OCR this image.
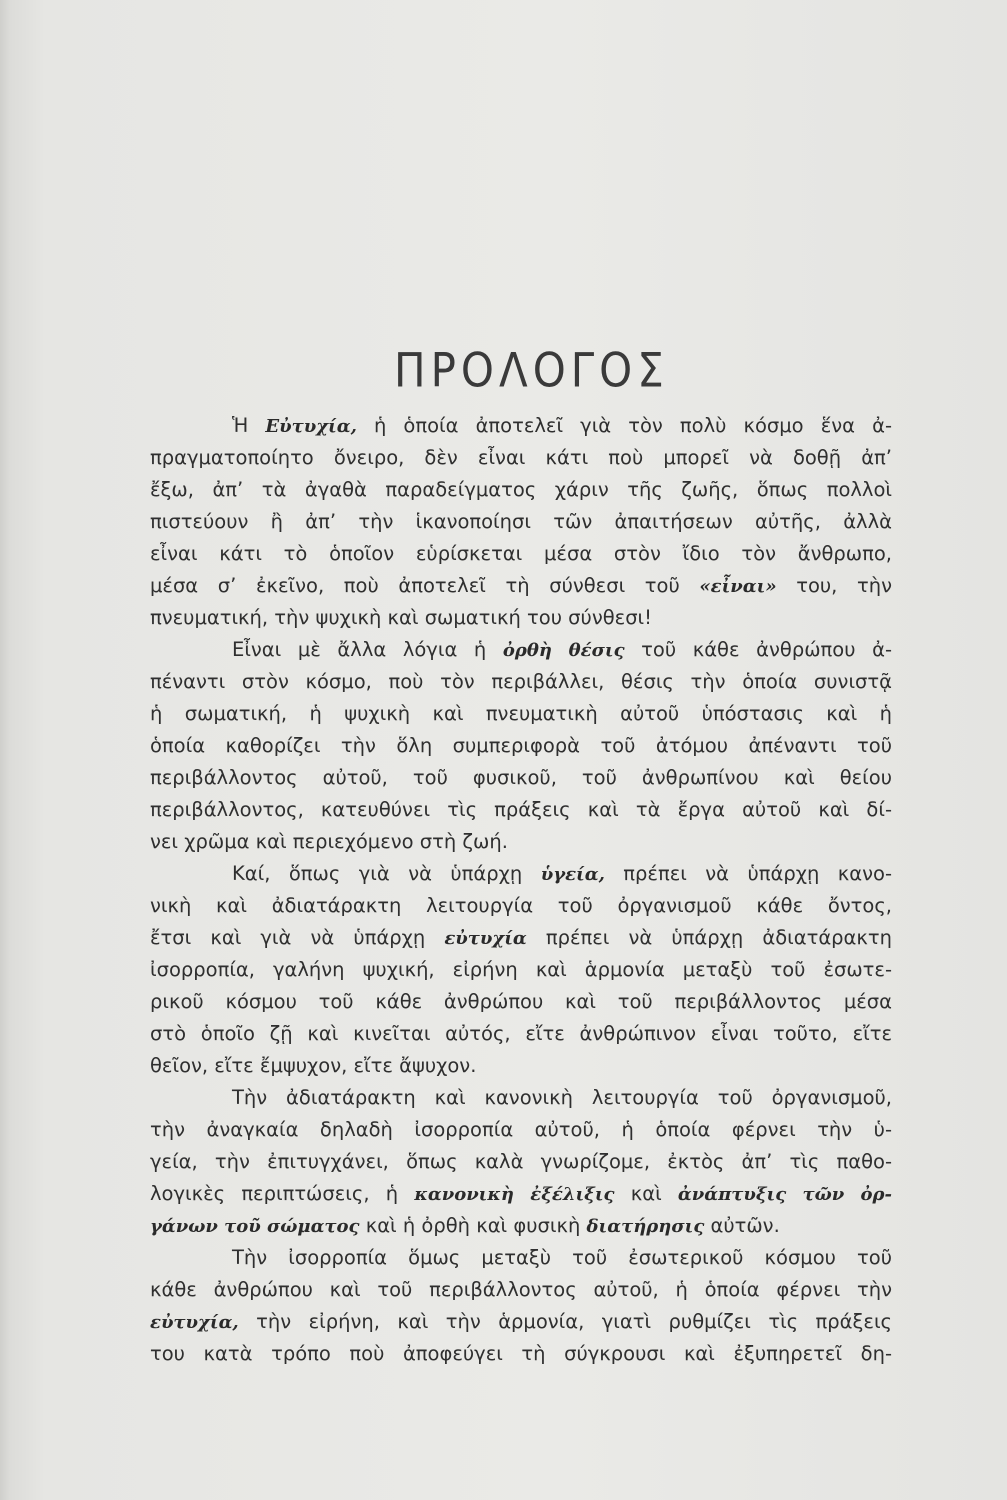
ΠΡΟΛΟΓΟΣ
Ἡ Εὐτυχία, ἡ ὁποία ἀποτελεῖ γιὰ τὸν πολὺ κόσμο ἕνα ἀ-
πραγματοποίητο ὄνειρο, δὲν εἶναι κάτι ποὺ μπορεῖ νὰ δοθῇ ἀπ’
ἔξω, ἀπ’ τὰ ἀγαθὰ παραδείγματος χάριν τῆς ζωῆς, ὅπως πολλοὶ
πιστεύουν ἢ ἀπ’ τὴν ἱκανοποίησι τῶν ἀπαιτήσεων αὐτῆς, ἀλλὰ
εἶναι κάτι τὸ ὁποῖον εὑρίσκεται μέσα στὸν ἴδιο τὸν ἄνθρωπο,
μέσα σ’ ἐκεῖνο, ποὺ ἀποτελεῖ τὴ σύνθεσι τοῦ «εἶναι» του, τὴν
πνευματική, τὴν ψυχικὴ καὶ σωματική του σύνθεσι!
Εἶναι μὲ ἄλλα λόγια ἡ ὀρθὴ θέσις τοῦ κάθε ἀνθρώπου ἀ-
πέναντι στὸν κόσμο, ποὺ τὸν περιβάλλει, θέσις τὴν ὁποία συνιστᾷ
ἡ σωματική, ἡ ψυχικὴ καὶ πνευματικὴ αὐτοῦ ὑπόστασις καὶ ἡ
ὁποία καθορίζει τὴν ὅλη συμπεριφορὰ τοῦ ἀτόμου ἀπέναντι τοῦ
περιβάλλοντος αὐτοῦ, τοῦ φυσικοῦ, τοῦ ἀνθρωπίνου καὶ θείου
περιβάλλοντος, κατευθύνει τὶς πράξεις καὶ τὰ ἔργα αὐτοῦ καὶ δί-
νει χρῶμα καὶ περιεχόμενο στὴ ζωή.
Καί, ὅπως γιὰ νὰ ὑπάρχῃ ὑγεία, πρέπει νὰ ὑπάρχῃ κανο-
νικὴ καὶ ἀδιατάρακτη λειτουργία τοῦ ὀργανισμοῦ κάθε ὄντος,
ἔτσι καὶ γιὰ νὰ ὑπάρχῃ εὐτυχία πρέπει νὰ ὑπάρχῃ ἀδιατάρακτη
ἰσορροπία, γαλήνη ψυχική, εἰρήνη καὶ ἁρμονία μεταξὺ τοῦ ἐσωτε-
ρικοῦ κόσμου τοῦ κάθε ἀνθρώπου καὶ τοῦ περιβάλλοντος μέσα
στὸ ὁποῖο ζῇ καὶ κινεῖται αὐτός, εἴτε ἀνθρώπινον εἶναι τοῦτο, εἴτε
θεῖον, εἴτε ἔμψυχον, εἴτε ἄψυχον.
Τὴν ἀδιατάρακτη καὶ κανονικὴ λειτουργία τοῦ ὀργανισμοῦ,
τὴν ἀναγκαία δηλαδὴ ἰσορροπία αὐτοῦ, ἡ ὁποία φέρνει τὴν ὑ-
γεία, τὴν ἐπιτυγχάνει, ὅπως καλὰ γνωρίζομε, ἐκτὸς ἀπ’ τὶς παθο-
λογικὲς περιπτώσεις, ἡ κανονικὴ ἐξέλιξις καὶ ἀνάπτυξις τῶν ὀρ-
γάνων τοῦ σώματος καὶ ἡ ὀρθὴ καὶ φυσικὴ διατήρησις αὐτῶν.
Τὴν ἰσορροπία ὅμως μεταξὺ τοῦ ἐσωτερικοῦ κόσμου τοῦ
κάθε ἀνθρώπου καὶ τοῦ περιβάλλοντος αὐτοῦ, ἡ ὁποία φέρνει τὴν
εὐτυχία, τὴν εἰρήνη, καὶ τὴν ἁρμονία, γιατὶ ρυθμίζει τὶς πράξεις
του κατὰ τρόπο ποὺ ἀποφεύγει τὴ σύγκρουσι καὶ ἐξυπηρετεῖ δη-
